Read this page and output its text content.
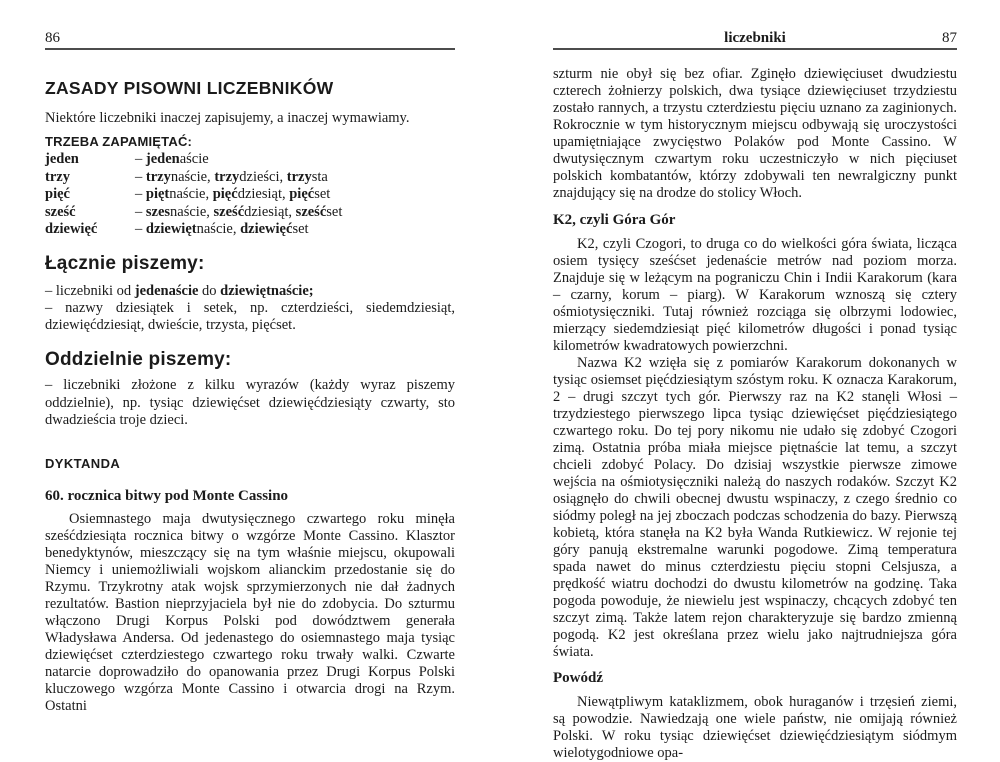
86
ZASADY PISOWNI LICZEBNIKÓW

Niektóre liczebniki inaczej zapisujemy, a inaczej wymawiamy.

TRZEBA ZAPAMIĘTAĆ:
jeden	– jedenaście
trzy	– trzynaście, trzydzieści, trzysta
pięć	– piętnaście, pięćdziesiąt, pięćset
sześć	– szesnaście, sześćdziesiąt, sześćset
dziewięć	– dziewiętnaście, dziewięćset
Łącznie piszemy:

– liczebniki od jedenaście do dziewiętnaście;

– nazwy dziesiątek i setek, np. czterdzieści, siedemdziesiąt, dziewięćdziesiąt, dwieście, trzysta, pięćset.

Oddzielnie piszemy:

– liczebniki złożone z kilku wyrazów (każdy wyraz piszemy oddzielnie), np. tysiąc dziewięćset dziewięćdziesiąty czwarty, sto dwadzieścia troje dzieci.

DYKTANDA
60. rocznica bitwy pod Monte Cassino

Osiemnastego maja dwutysięcznego czwartego roku minęła sześćdziesiąta rocznica bitwy o wzgórze Monte Cassino. Klasztor benedyktynów, mieszczący się na tym właśnie miejscu, okupowali Niemcy i uniemożliwiali wojskom alianckim przedostanie się do Rzymu. Trzykrotny atak wojsk sprzymierzonych nie dał żadnych rezultatów. Bastion nieprzyjaciela był nie do zdobycia. Do szturmu włączono Drugi Korpus Polski pod dowództwem generała Władysława Andersa. Od jedenastego do osiemnastego maja tysiąc dziewięćset czterdziestego czwartego roku trwały walki. Czwarte natarcie doprowadziło do opanowania przez Drugi Korpus Polski kluczowego wzgórza Monte Cassino i otwarcia drogi na Rzym. Ostatni

liczebniki	87

szturm nie obył się bez ofiar. Zginęło dziewięciuset dwudziestu czterech żołnierzy polskich, dwa tysiące dziewięciuset trzydziestu zostało rannych, a trzystu czterdziestu pięciu uznano za zaginionych. Rokrocznie w tym historycznym miejscu odbywają się uroczystości upamiętniające zwycięstwo Polaków pod Monte Cassino. W dwutysięcznym czwartym roku uczestniczyło w nich pięciuset polskich kombatantów, którzy zdobywali ten newralgiczny punkt znajdujący się na drodze do stolicy Włoch.

K2, czyli Góra Gór

K2, czyli Czogori, to druga co do wielkości góra świata, licząca osiem tysięcy sześćset jedenaście metrów nad poziom morza. Znajduje się w leżącym na pograniczu Chin i Indii Karakorum (kara – czarny, korum – piarg). W Karakorum wznoszą się cztery ośmiotysięczniki. Tutaj również rozciąga się olbrzymi lodowiec, mierzący siedemdziesiąt pięć kilometrów długości i ponad tysiąc kilometrów kwadratowych powierzchni.

Nazwa K2 wzięła się z pomiarów Karakorum dokonanych w tysiąc osiemset pięćdziesiątym szóstym roku. K oznacza Karakorum, 2 – drugi szczyt tych gór. Pierwszy raz na K2 stanęli Włosi – trzydziestego pierwszego lipca tysiąc dziewięćset pięćdziesiątego czwartego roku. Do tej pory nikomu nie udało się zdobyć Czogori zimą. Ostatnia próba miała miejsce piętnaście lat temu, a szczyt chcieli zdobyć Polacy. Do dzisiaj wszystkie pierwsze zimowe wejścia na ośmiotysięczniki należą do naszych rodaków. Szczyt K2 osiągnęło do chwili obecnej dwustu wspinaczy, z czego średnio co siódmy poległ na jej zboczach podczas schodzenia do bazy. Pierwszą kobietą, która stanęła na K2 była Wanda Rutkiewicz. W rejonie tej góry panują ekstremalne warunki pogodowe. Zimą temperatura spada nawet do minus czterdziestu pięciu stopni Celsjusza, a prędkość wiatru dochodzi do dwustu kilometrów na godzinę. Taka pogoda powoduje, że niewielu jest wspinaczy, chcących zdobyć ten szczyt zimą. Także latem rejon charakteryzuje się bardzo zmienną pogodą. K2 jest określana przez wielu jako najtrudniejsza góra świata.

Powódź

Niewątpliwym kataklizmem, obok huraganów i trzęsień ziemi, są powodzie. Nawiedzają one wiele państw, nie omijają również Polski. W roku tysiąc dziewięćset dziewięćdziesiątym siódmym wielotygodniowe opa-
